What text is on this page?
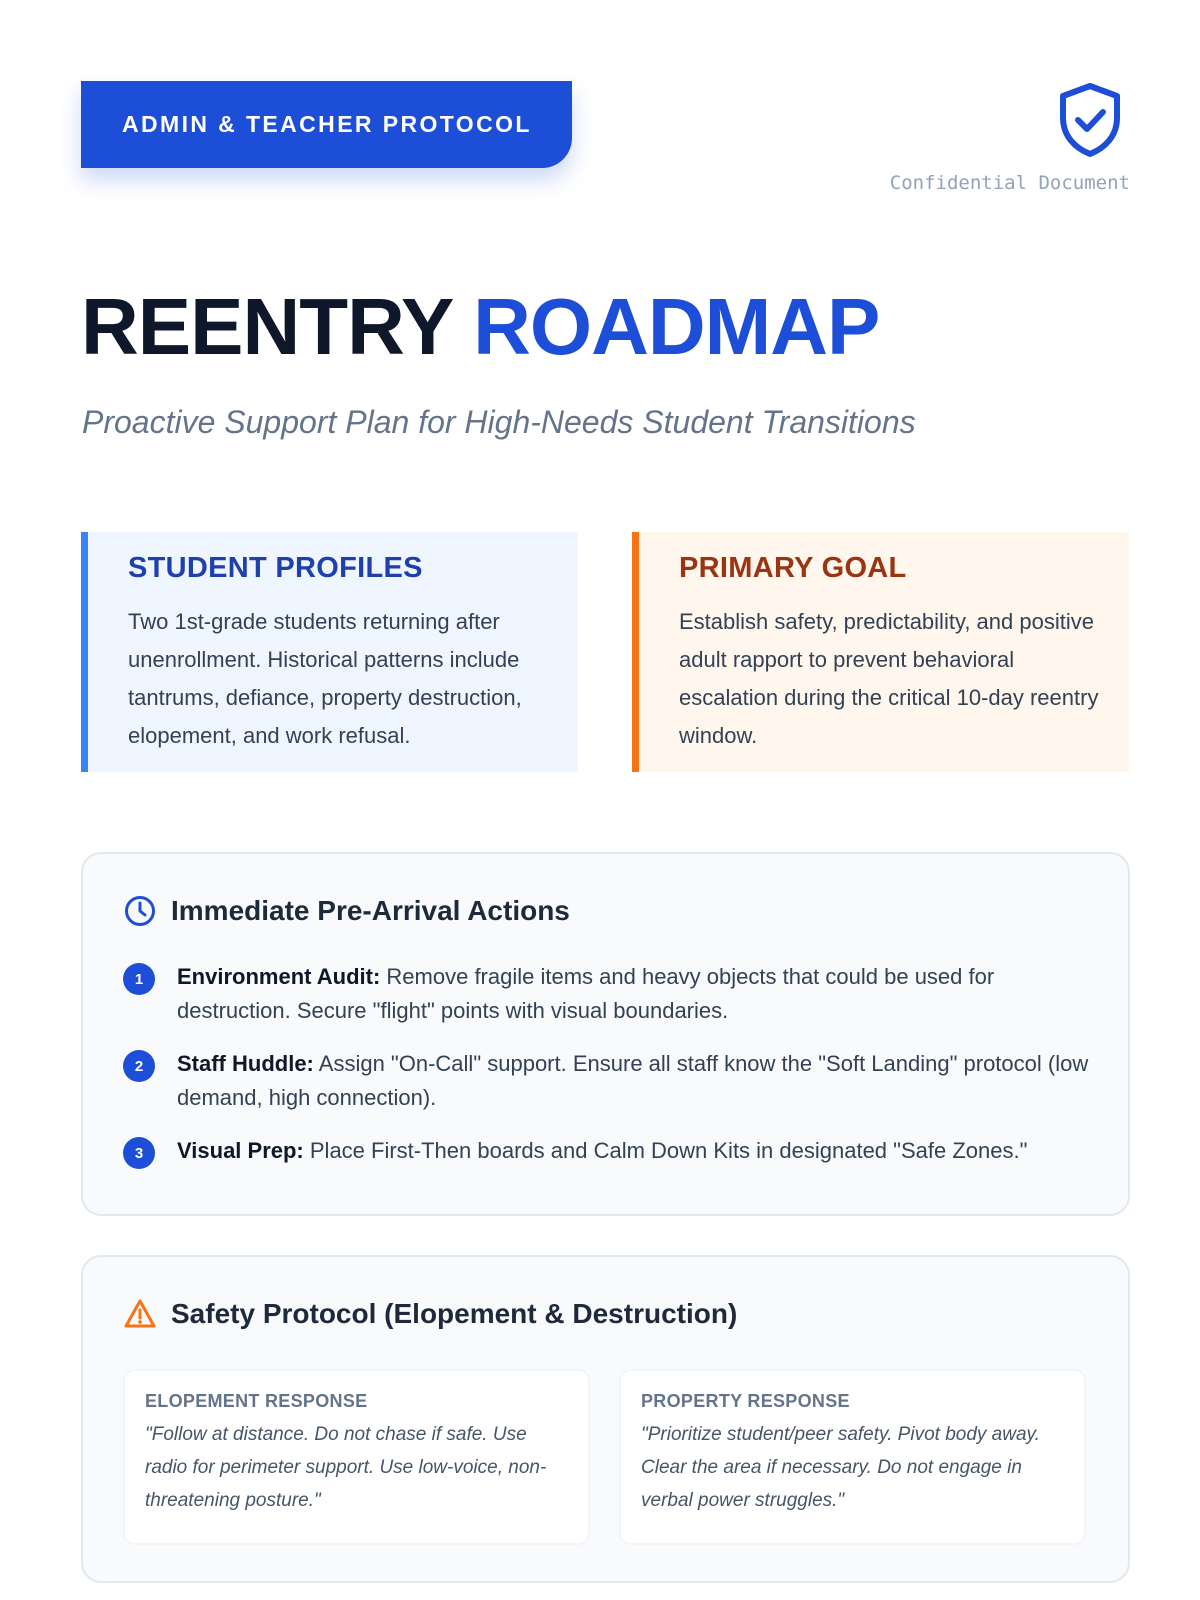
ADMIN & TEACHER PROTOCOL
Confidential Document
REENTRY ROADMAP
Proactive Support Plan for High-Needs Student Transitions
STUDENT PROFILES
Two 1st-grade students returning after unenrollment. Historical patterns include tantrums, defiance, property destruction, elopement, and work refusal.
PRIMARY GOAL
Establish safety, predictability, and positive adult rapport to prevent behavioral escalation during the critical 10-day reentry window.
Immediate Pre-Arrival Actions
1	Environment Audit: Remove fragile items and heavy objects that could be used for destruction. Secure "flight" points with visual boundaries.
2	Staff Huddle: Assign "On-Call" support. Ensure all staff know the "Soft Landing" protocol (low demand, high connection).
3	Visual Prep: Place First-Then boards and Calm Down Kits in designated "Safe Zones."
Safety Protocol (Elopement & Destruction)
ELOPEMENT RESPONSE
"Follow at distance. Do not chase if safe. Use radio for perimeter support. Use low-voice, non-threatening posture."
PROPERTY RESPONSE
"Prioritize student/peer safety. Pivot body away. Clear the area if necessary. Do not engage in verbal power struggles."
